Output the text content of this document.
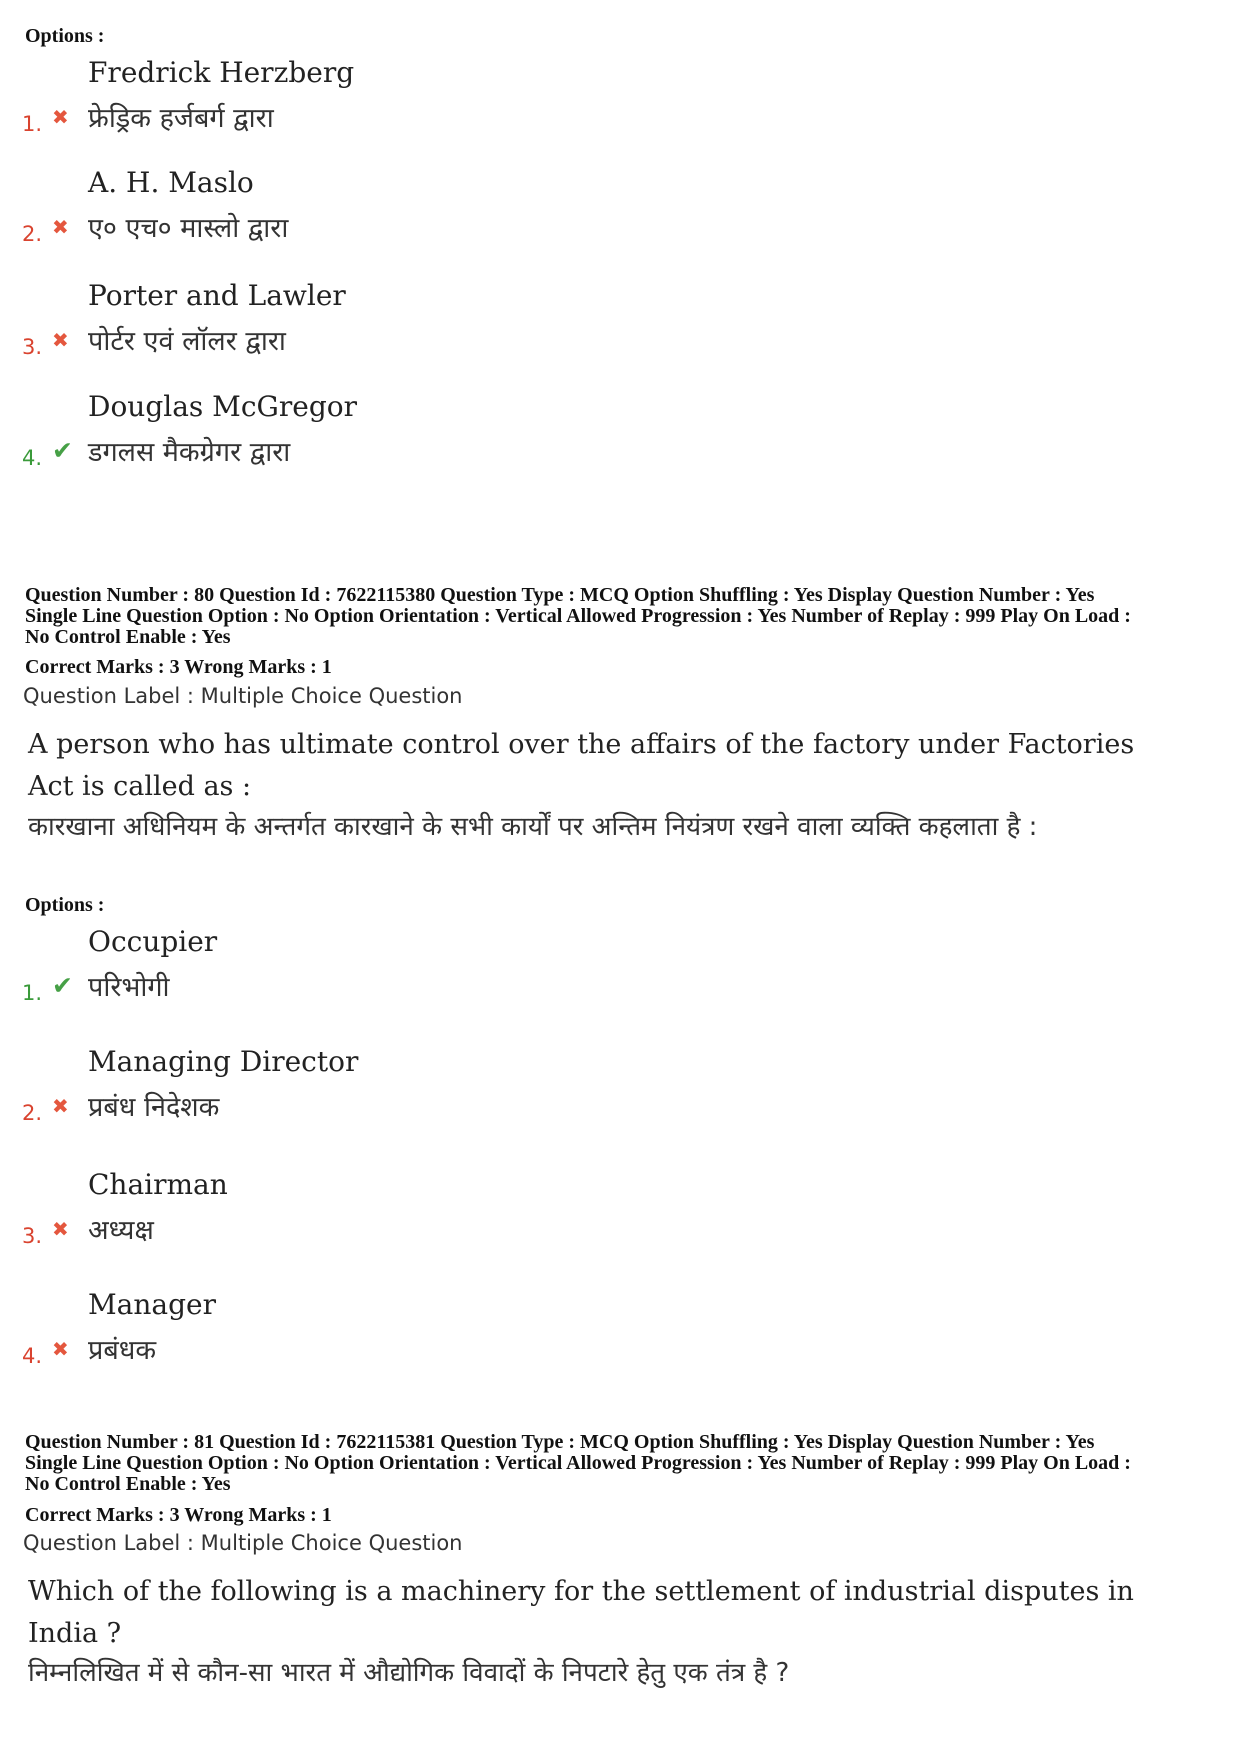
Options :
Fredrick Herzberg
1. ✖ फ्रेड्रिक हर्जबर्ग द्वारा
A. H. Maslo
2. ✖ ए० एच० मास्लो द्वारा
Porter and Lawler
3. ✖ पोर्टर एवं लॉलर द्वारा
Douglas McGregor
4. ✔ डगलस मैकग्रेगर द्वारा
Question Number : 80 Question Id : 7622115380 Question Type : MCQ Option Shuffling : Yes Display Question Number : Yes
Single Line Question Option : No Option Orientation : Vertical Allowed Progression : Yes Number of Replay : 999 Play On Load :
No Control Enable : Yes
Correct Marks : 3 Wrong Marks : 1
Question Label : Multiple Choice Question
A person who has ultimate control over the affairs of the factory under Factories Act is called as :
कारखाना अधिनियम के अन्तर्गत कारखाने के सभी कार्यों पर अन्तिम नियंत्रण रखने वाला व्यक्ति कहलाता है :
Options :
Occupier
1. ✔ परिभोगी
Managing Director
2. ✖ प्रबंध निदेशक
Chairman
3. ✖ अध्यक्ष
Manager
4. ✖ प्रबंधक
Question Number : 81 Question Id : 7622115381 Question Type : MCQ Option Shuffling : Yes Display Question Number : Yes
Single Line Question Option : No Option Orientation : Vertical Allowed Progression : Yes Number of Replay : 999 Play On Load :
No Control Enable : Yes
Correct Marks : 3 Wrong Marks : 1
Question Label : Multiple Choice Question
Which of the following is a machinery for the settlement of industrial disputes in India ?
निम्नलिखित में से कौन-सा भारत में औद्योगिक विवादों के निपटारे हेतु एक तंत्र है ?
